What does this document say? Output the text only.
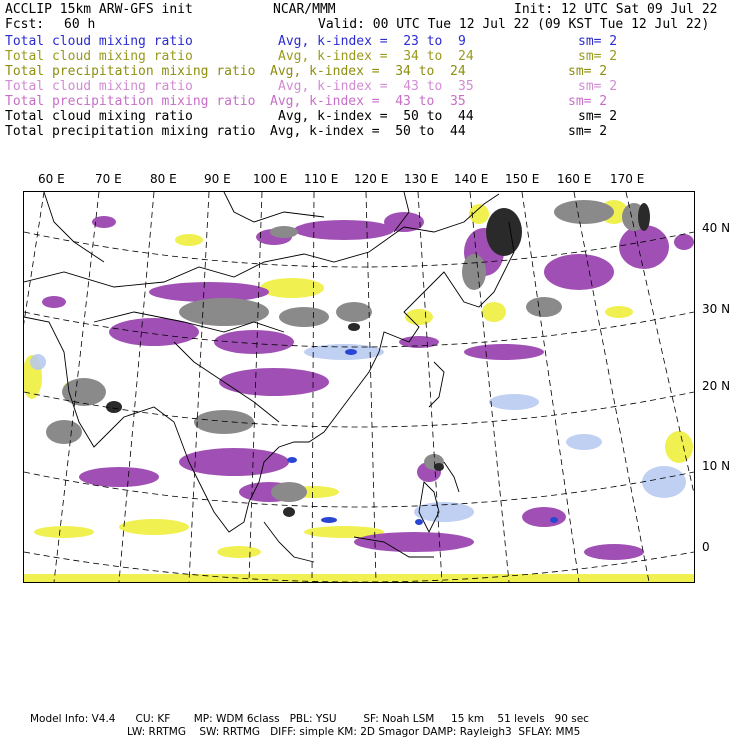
ACCLIP 15km ARW-GFS init	NCAR/MMM	Init: 12 UTC Sat 09 Jul 22
Fcst: 60 h	Valid: 00 UTC Tue 12 Jul 22 (09 KST Tue 12 Jul 22)
Total cloud mixing ratio	Avg, k-index =  23 to  9	sm= 2
Total cloud mixing ratio	Avg, k-index =  34 to  24	sm= 2
Total precipitation mixing ratio Avg, k-index =  34 to  24	sm= 2
Total cloud mixing ratio	Avg, k-index =  43 to  35	sm= 2
Total precipitation mixing ratio Avg, k-index =  43 to  35	sm= 2
Total cloud mixing ratio	Avg, k-index =  50 to  44	sm= 2
Total precipitation mixing ratio Avg, k-index =  50 to  44	sm= 2
60 E	70 E 80 E 90 E 100 E 110 E 120 E 130 E 140 E 150 E 160 E 170 E
40 N
30 N
20 N
10 N
0
Model Info: V4.4      CU: KF       MP: WDM 6class   PBL: YSU        SF: Noah LSM     15 km    51 levels   90 sec
LW: RRTMG    SW: RRTMG   DIFF: simple KM: 2D Smagor DAMP: Rayleigh3  SFLAY: MM5
